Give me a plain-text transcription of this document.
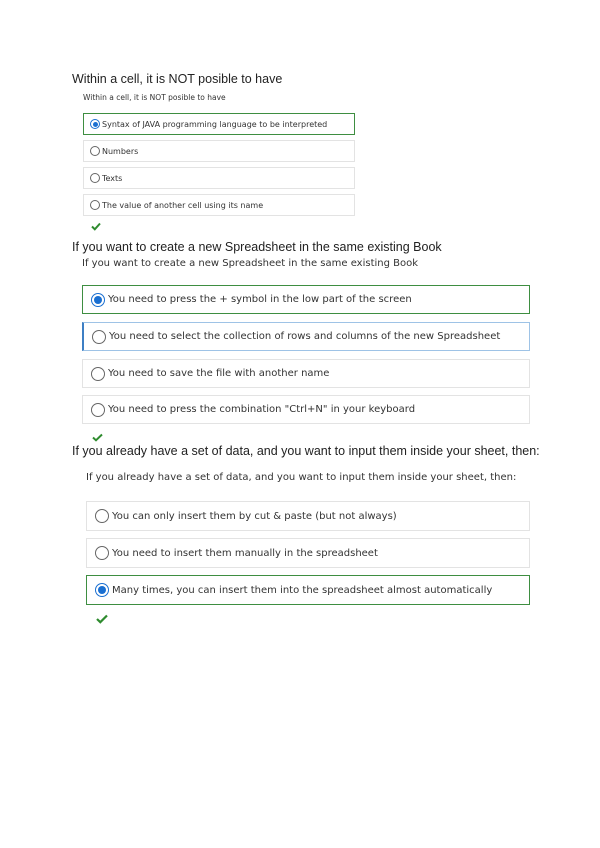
Within a cell, it is NOT posible to have
Within a cell, it is NOT posible to have
Syntax of JAVA programming language to be interpreted
Numbers
Texts
The value of another cell using its name
If you want to create a new Spreadsheet in the same existing Book
If you want to create a new Spreadsheet in the same existing Book
You need to press the + symbol in the low part of the screen
You need to select the collection of rows and columns of the new Spreadsheet
You need to save the file with another name
You need to press the combination "Ctrl+N" in your keyboard
If you already have a set of data, and you want to input them inside your sheet, then:
If you already have a set of data, and you want to input them inside your sheet, then:
You can only insert them by cut & paste (but not always)
You need to insert them manually in the spreadsheet
Many times, you can insert them into the spreadsheet almost automatically
